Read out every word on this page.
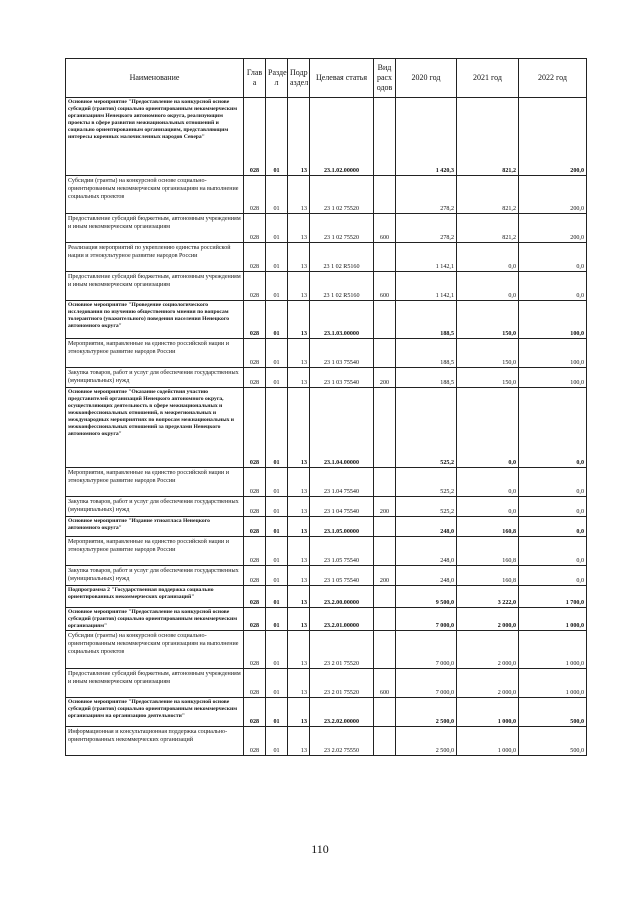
Наименование	Глав а	Разде л	Подр аздел	Целевая статья	Вид расх одов	2020 год	2021 год	2022 год
Основное мероприятие "Предоставление на конкурсной основе субсидий (грантов) социально ориентированным некоммерческим организациям Ненецкого автономного округа, реализующим проекты в сфере развития межнациональных отношений и социально ориентированным организациям, представляющим интересы коренных малочисленных народов Севера"	028	01	13	23.1.02.00000		1 420,3	821,2	200,0
Субсидии (гранты) на конкурсной основе социально-ориентированным некоммерческим организациям на выполнение социальных проектов	028	01	13	23 1 02 75520		278,2	821,2	200,0
Предоставление субсидий бюджетным, автономным учреждениям и иным некоммерческим организациям	028	01	13	23 1 02 75520	600	278,2	821,2	200,0
Реализация мероприятий по укреплению единства российской нации и этнокультурное развитие народов России	028	01	13	23 1 02 R5160		1 142,1	0,0	0,0
Предоставление субсидий бюджетным, автономным учреждениям и иным некоммерческим организациям	028	01	13	23 1 02 R5160	600	1 142,1	0,0	0,0
Основное мероприятие "Проведение социологического исследования по изучению общественного мнения по вопросам толерантного (уважительного) поведения населения Ненецкого автономного округа"	028	01	13	23.1.03.00000		188,5	150,0	100,0
Мероприятия, направленные на единство российской нации и этнокультурное развитие народов России	028	01	13	23 1 03 75540		188,5	150,0	100,0
Закупка товаров, работ и услуг для обеспечения государственных (муниципальных) нужд	028	01	13	23 1 03 75540	200	188,5	150,0	100,0
Основное мероприятие "Оказание содействия участию представителей организаций Ненецкого автономного округа, осуществляющих деятельность в сфере межнациональных и межконфессиональных отношений, в межрегиональных и международных мероприятиях по вопросам межнациональных и межконфессиональных отношений за пределами Ненецкого автономного округа"	028	01	13	23.1.04.00000		525,2	0,0	0,0
Мероприятия, направленные на единство российской нации и этнокультурное развитие народов России	028	01	13	23 1.04 75540		525,2	0,0	0,0
Закупка товаров, работ и услуг для обеспечения государственных (муниципальных) нужд	028	01	13	23 1 04 75540	200	525,2	0,0	0,0
Основное мероприятие "Издание этноатласа Ненецкого автономного округа"	028	01	13	23.1.05.00000		248,0	160,8	0,0
Мероприятия, направленные на единство российской нации и этнокультурное развитие народов России	028	01	13	23 1.05 75540		248,0	160,8	0,0
Закупка товаров, работ и услуг для обеспечения государственных (муниципальных) нужд	028	01	13	23 1 05 75540	200	248,0	160,8	0,0
Подпрограмма 2 "Государственная поддержка социально ориентированных некоммерческих организаций"	028	01	13	23.2.00.00000		9 500,0	3 222,0	1 700,0
Основное мероприятие "Предоставление на конкурсной основе субсидий (грантов) социально ориентированным некоммерческим организациям"	028	01	13	23.2.01.00000		7 000,0	2 000,0	1 000,0
Субсидии (гранты) на конкурсной основе социально-ориентированным некоммерческим организациям на выполнение социальных проектов	028	01	13	23 2 01 75520		7 000,0	2 000,0	1 000,0
Предоставление субсидий бюджетным, автономным учреждениям и иным некоммерческим организациям	028	01	13	23 2 01 75520	600	7 000,0	2 000,0	1 000,0
Основное мероприятие "Предоставление на конкурсной основе субсидий (грантов) социально ориентированным некоммерческим организациям на организацию деятельности"	028	01	13	23.2.02.00000		2 500,0	1 000,0	500,0
Информационная и консультационная поддержка социально-ориентированных некоммерческих организаций	028	01	13	23 2.02 75550		2 500,0	1 000,0	500,0
110
